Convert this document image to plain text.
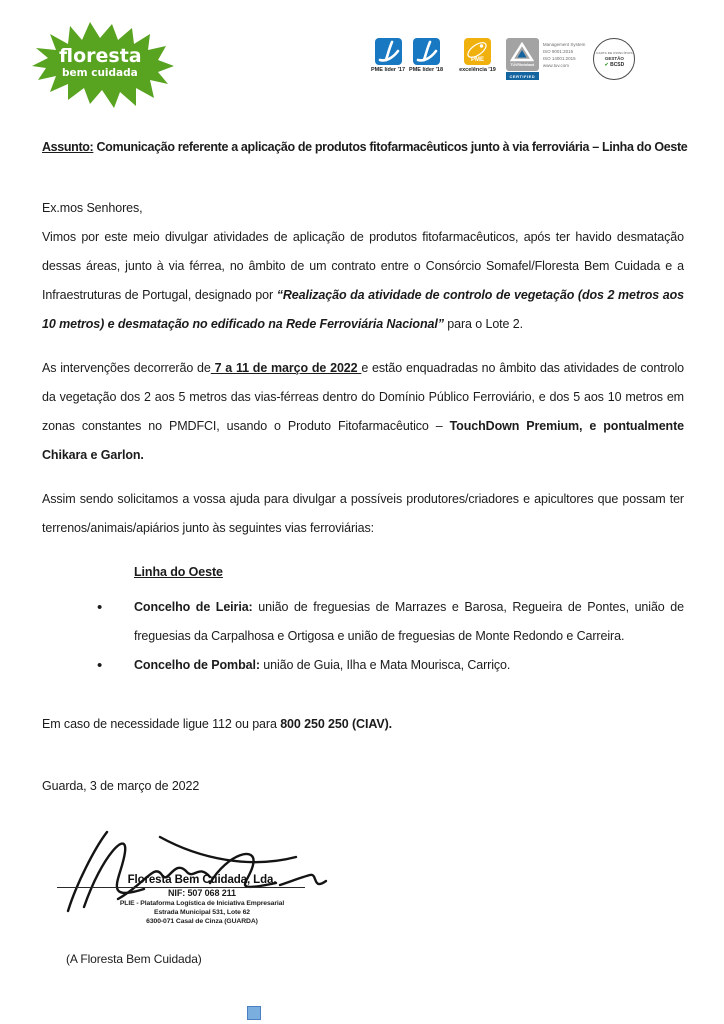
floresta
bem cuidada	PME líder '17 PME líder '18
PME
excelência '19
TÜVRheinland
CERTIFIED
Management System
ISO 9001:2015
ISO 14001:2015
www.tuv.com
CARTA DE PRINCÍPIOS
GESTÃO
✔ BCSD

Assunto: Comunicação referente a aplicação de produtos fitofarmacêuticos junto à via ferroviária – Linha do Oeste

Ex.mos Senhores,

Vimos por este meio divulgar atividades de aplicação de produtos fitofarmacêuticos, após ter havido desmatação dessas áreas, junto à via férrea, no âmbito de um contrato entre o Consórcio Somafel/Floresta Bem Cuidada e a Infraestruturas de Portugal, designado por “Realização da atividade de controlo de vegetação (dos 2 metros aos 10 metros) e desmatação no edificado na Rede Ferroviária Nacional” para o Lote 2.

As intervenções decorrerão de 7 a 11 de março de 2022 e estão enquadradas no âmbito das atividades de controlo da vegetação dos 2 aos 5 metros das vias-férreas dentro do Domínio Público Ferroviário, e dos 5 aos 10 metros em zonas constantes no PMDFCI, usando o Produto Fitofarmacêutico – TouchDown Premium, e pontualmente Chikara e Garlon.

Assim sendo solicitamos a vossa ajuda para divulgar a possíveis produtores/criadores e apicultores que possam ter terrenos/animais/apiários junto às seguintes vias ferroviárias:

Linha do Oeste

• Concelho de Leiria: união de freguesias de Marrazes e Barosa, Regueira de Pontes, união de freguesias da Carpalhosa e Ortigosa e união de freguesias de Monte Redondo e Carreira.
• Concelho de Pombal: união de Guia, Ilha e Mata Mourisca, Carriço.

Em caso de necessidade ligue 112 ou para 800 250 250 (CIAV).

Guarda, 3 de março de 2022

Floresta Bem Cuidada, Lda.
NIF: 507 068 211
PLIE - Plataforma Logística de Iniciativa Empresarial
Estrada Municipal 531, Lote 62
6300-071 Casal de Cinza (GUARDA)

(A Floresta Bem Cuidada)
